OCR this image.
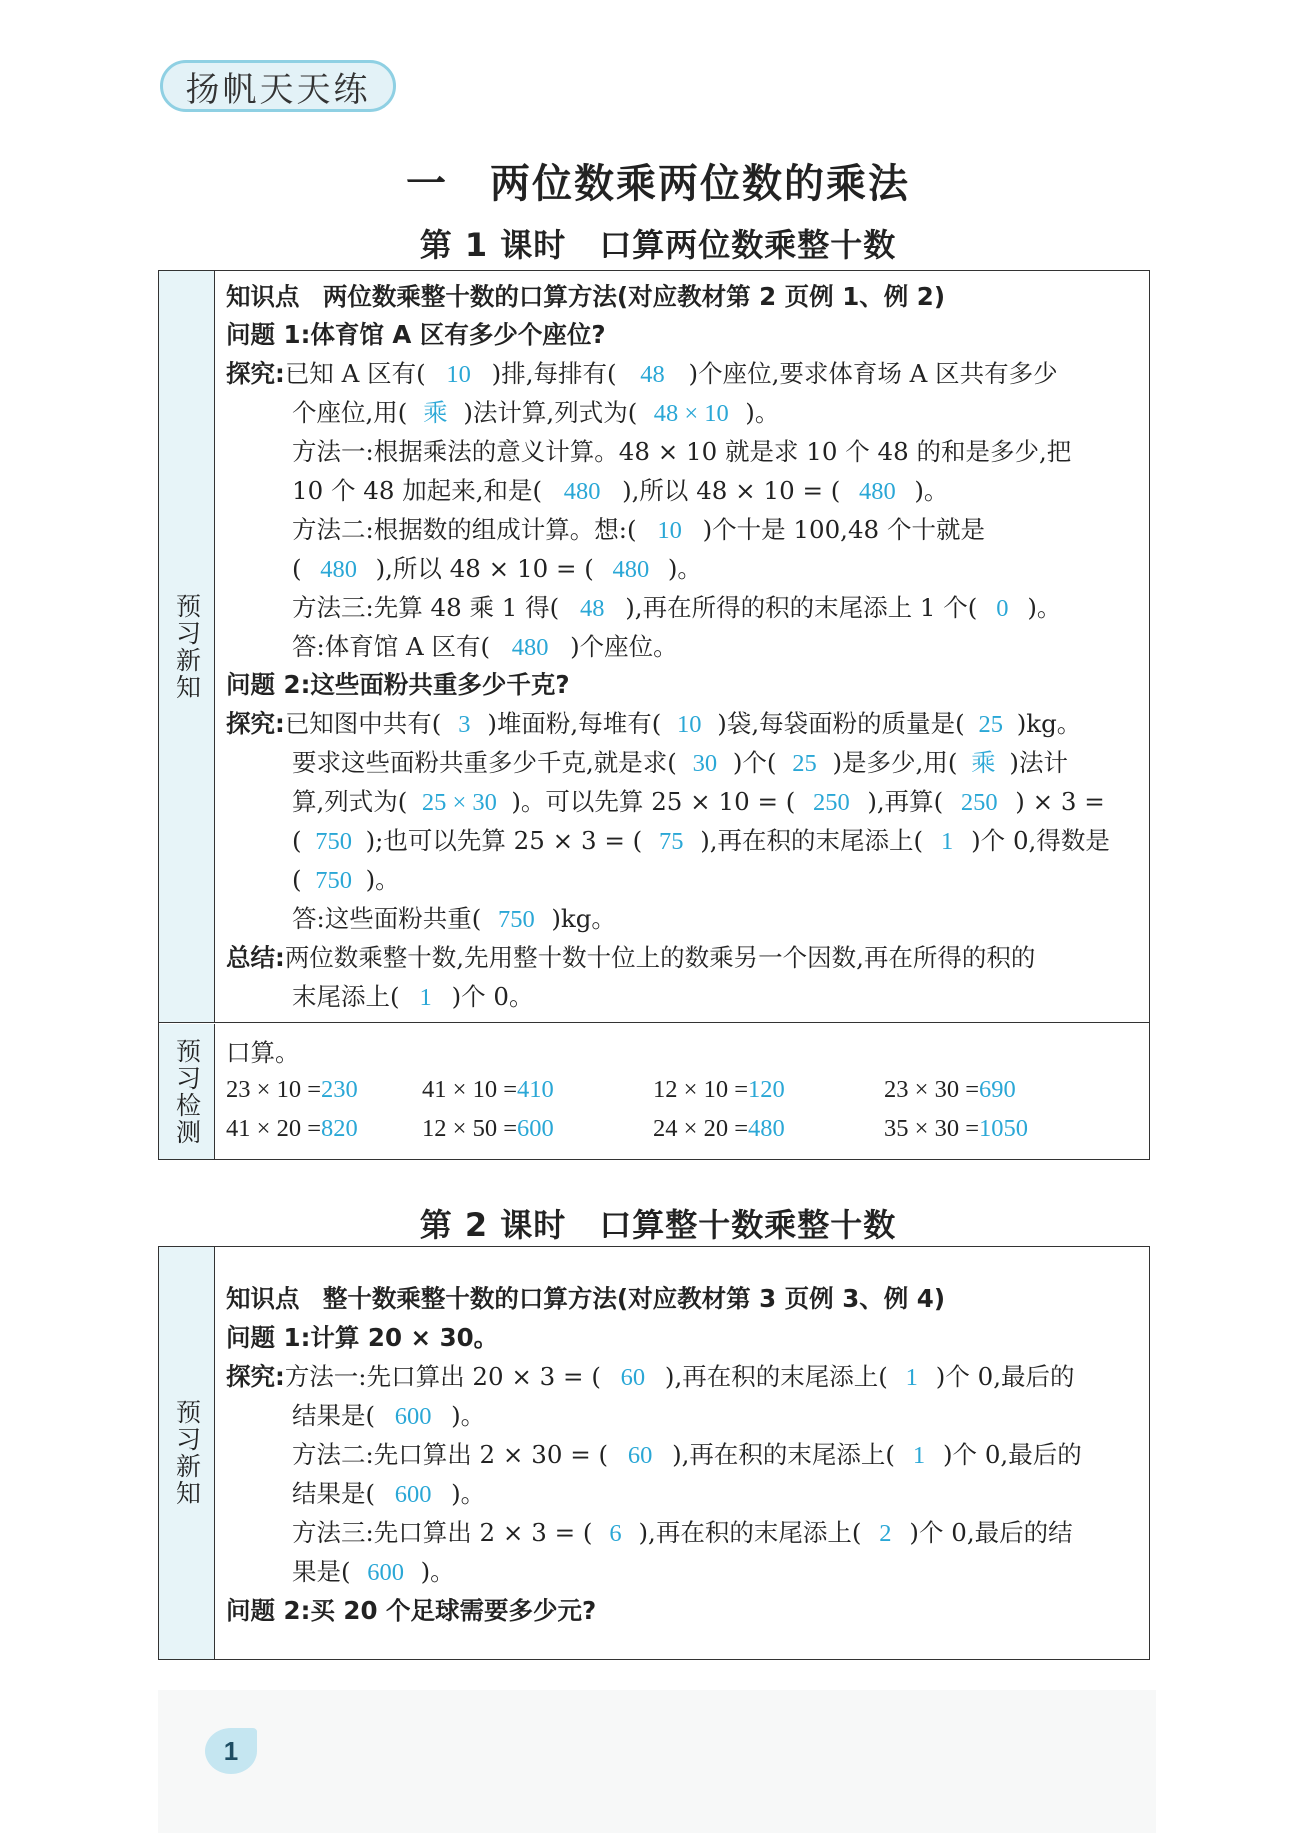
扬帆天天练
一　两位数乘两位数的乘法
第 1 课时　口算两位数乘整十数
预习新知
预习检测
知识点 两位数乘整十数的口算方法(对应教材第 2 页例 1、例 2)
问题 1:体育馆 A 区有多少个座位?
探究:已知 A 区有( 10 )排,每排有( 48 )个座位,要求体育场 A 区共有多少
个座位,用( 乘 )法计算,列式为( 48 × 10 )。
方法一:根据乘法的意义计算。48 × 10 就是求 10 个 48 的和是多少,把
10 个 48 加起来,和是( 480 ),所以 48 × 10 = ( 480 )。
方法二:根据数的组成计算。想:( 10 )个十是 100,48 个十就是
( 480 ),所以 48 × 10 = ( 480 )。
方法三:先算 48 乘 1 得( 48 ),再在所得的积的末尾添上 1 个( 0 )。
答:体育馆 A 区有( 480 )个座位。
问题 2:这些面粉共重多少千克?
探究:已知图中共有( 3 )堆面粉,每堆有( 10 )袋,每袋面粉的质量是( 25 )kg。
要求这些面粉共重多少千克,就是求( 30 )个( 25 )是多少,用( 乘 )法计
算,列式为( 25 × 30 )。可以先算 25 × 10 = ( 250 ),再算( 250 ) × 3 =
( 750 );也可以先算 25 × 3 = ( 75 ),再在积的末尾添上( 1 )个 0,得数是
( 750 )。
答:这些面粉共重( 750 )kg。
总结:两位数乘整十数,先用整十数十位上的数乘另一个因数,再在所得的积的
末尾添上( 1 )个 0。
口算。
23 × 10 =230	41 × 10 =410	12 × 10 =120	23 × 30 =690
41 × 20 =820	12 × 50 =600	24 × 20 =480	35 × 30 =1050
第 2 课时　口算整十数乘整十数
预习新知
知识点 整十数乘整十数的口算方法(对应教材第 3 页例 3、例 4)
问题 1:计算 20 × 30。
探究:方法一:先口算出 20 × 3 = ( 60 ),再在积的末尾添上( 1 )个 0,最后的
结果是( 600 )。
方法二:先口算出 2 × 30 = ( 60 ),再在积的末尾添上( 1 )个 0,最后的
结果是( 600 )。
方法三:先口算出 2 × 3 = ( 6 ),再在积的末尾添上( 2 )个 0,最后的结
果是( 600 )。
问题 2:买 20 个足球需要多少元?
1
